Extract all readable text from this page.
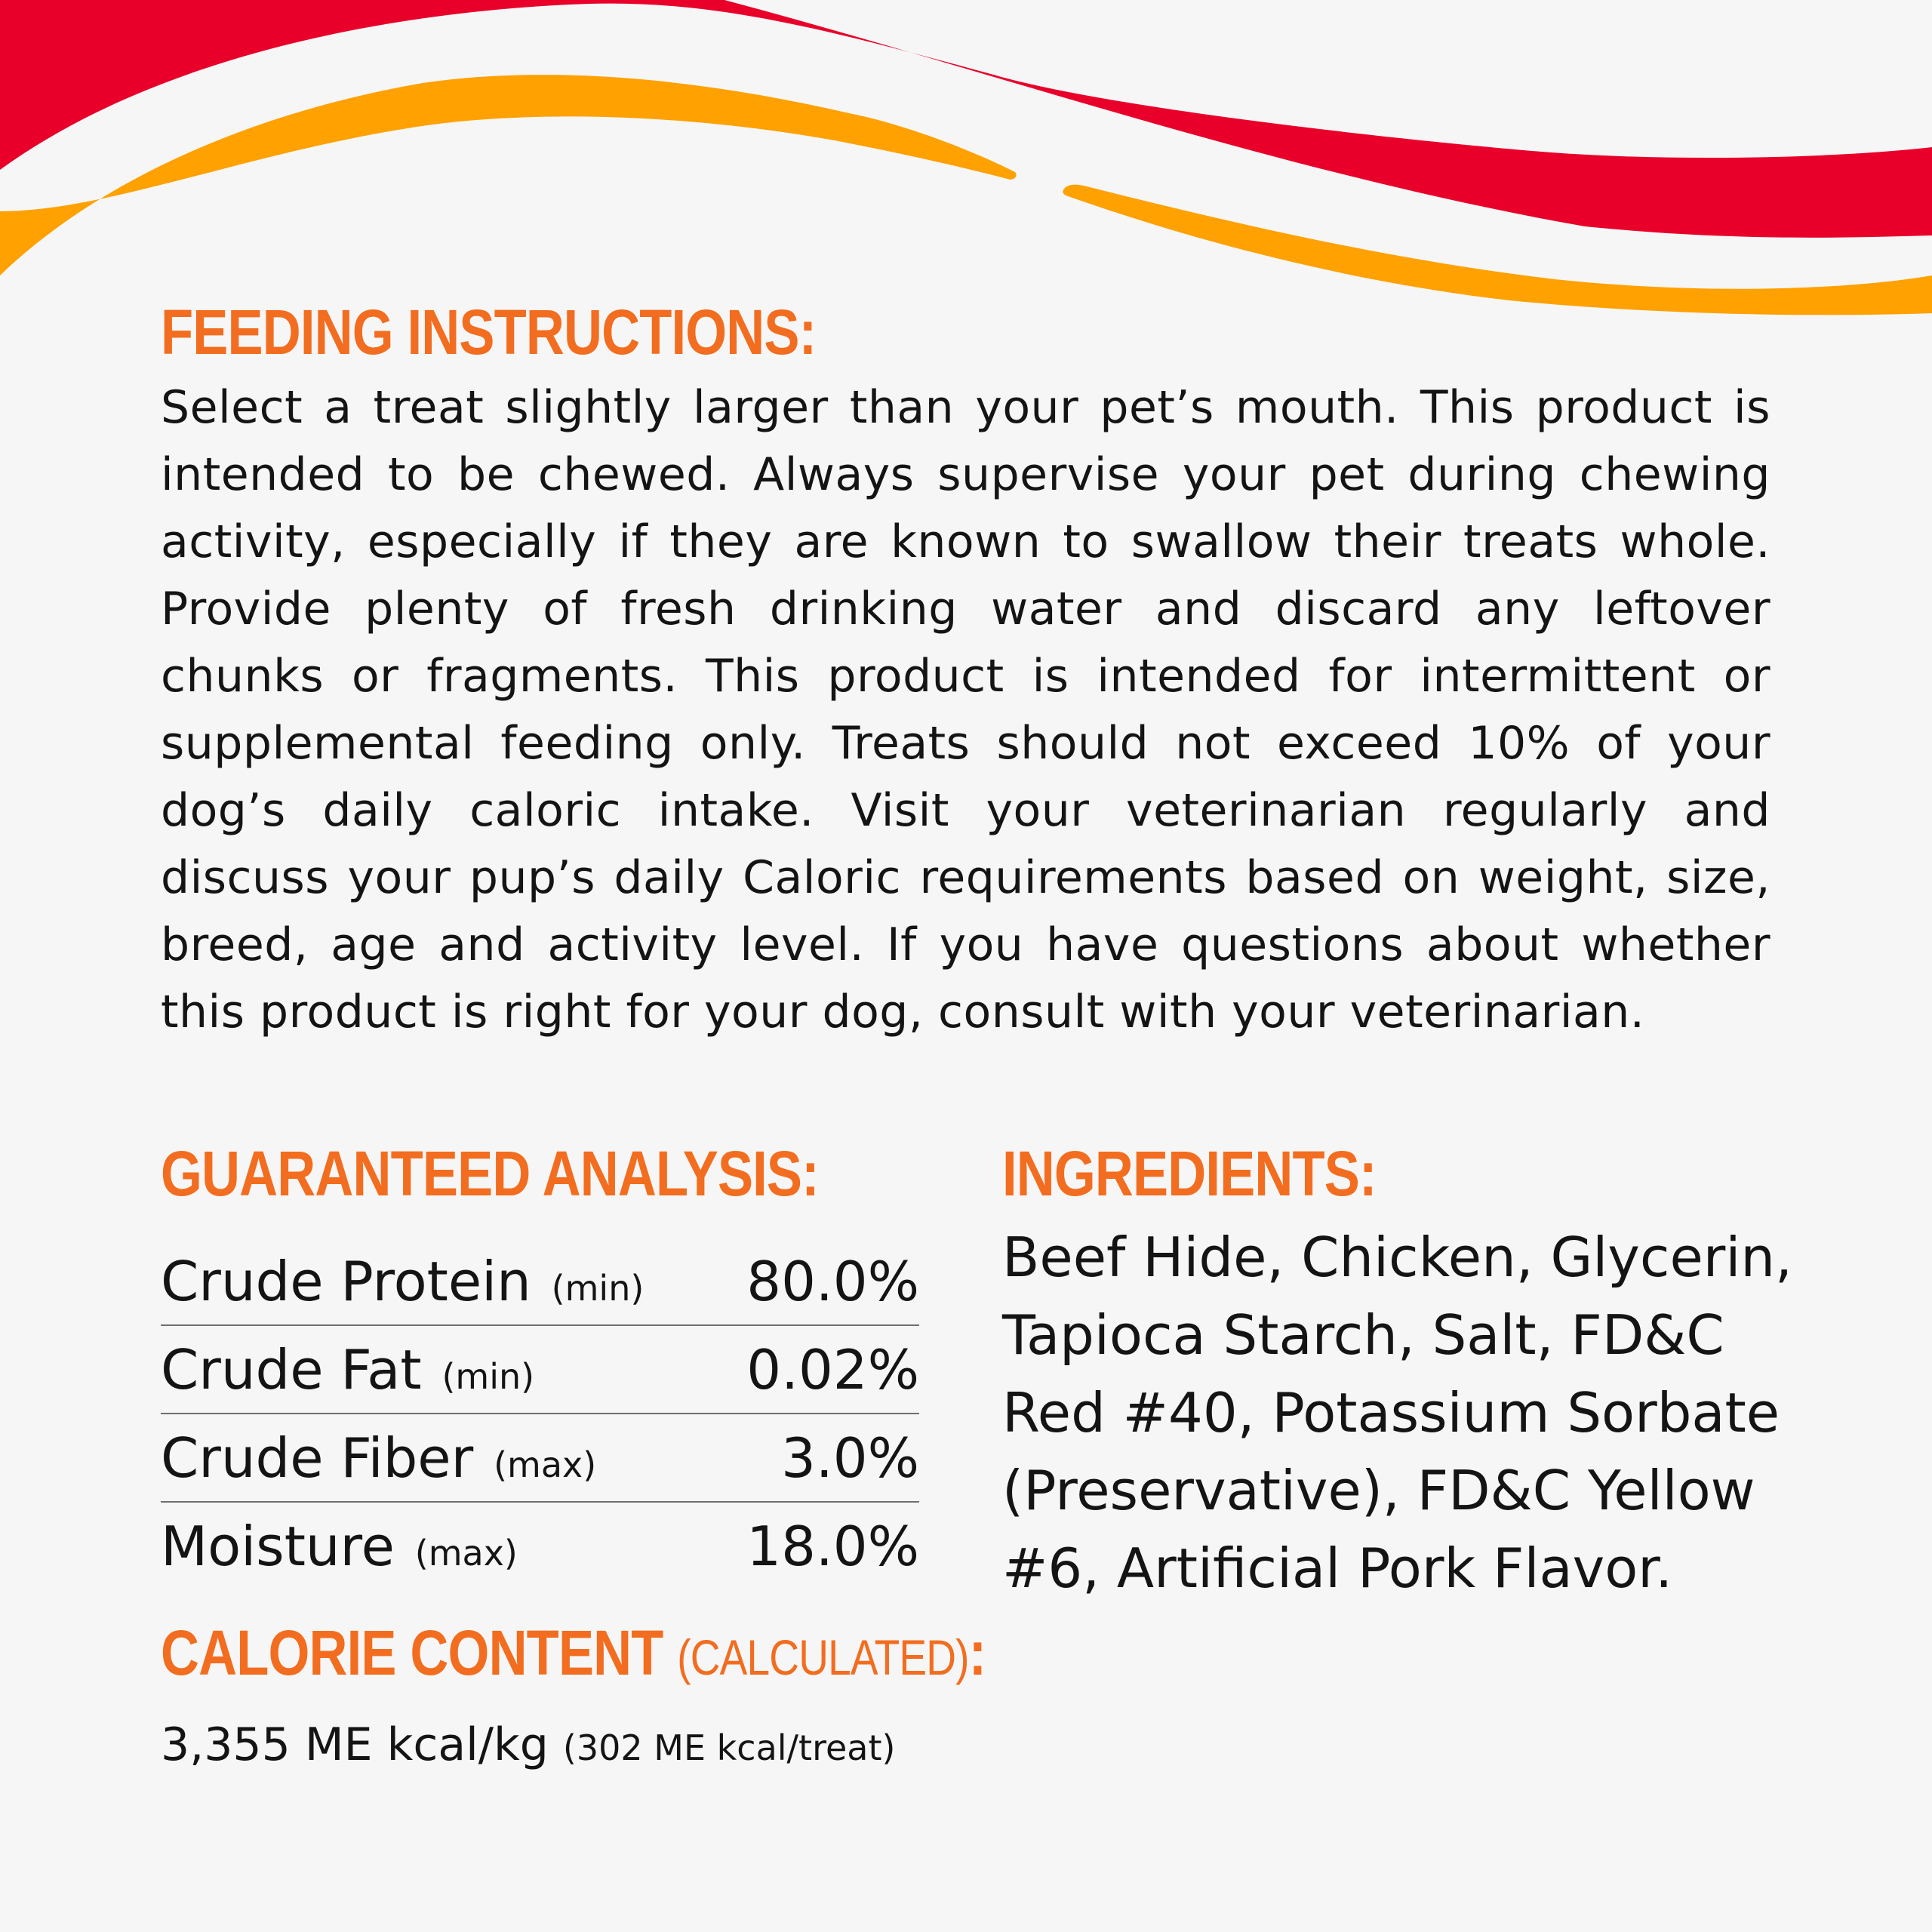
FEEDING INSTRUCTIONS:

Select a treat slightly larger than your pet’s mouth. This product is intended to be chewed. Always supervise your pet during chewing activity, especially if they are known to swallow their treats whole. Provide plenty of fresh drinking water and discard any leftover chunks or fragments. This product is intended for intermittent or supplemental feeding only. Treats should not exceed 10% of your dog’s daily caloric intake. Visit your veterinarian regularly and discuss your pup’s daily Caloric requirements based on weight, size, breed, age and activity level. If you have questions about whether this product is right for your dog, consult with your veterinarian.

GUARANTEED ANALYSIS:
Crude Protein (min) 80.0%
Crude Fat (min)	0.02%
Crude Fiber (max)	3.0%
Moisture (max)	18.0%
CALORIE CONTENT (CALCULATED):
3,355 ME kcal/kg (302 ME kcal/treat)
INGREDIENTS:

Beef Hide, Chicken, Glycerin, Tapioca Starch, Salt, FD&C Red #40, Potassium Sorbate (Preservative), FD&C Yellow #6, Artificial Pork Flavor.
